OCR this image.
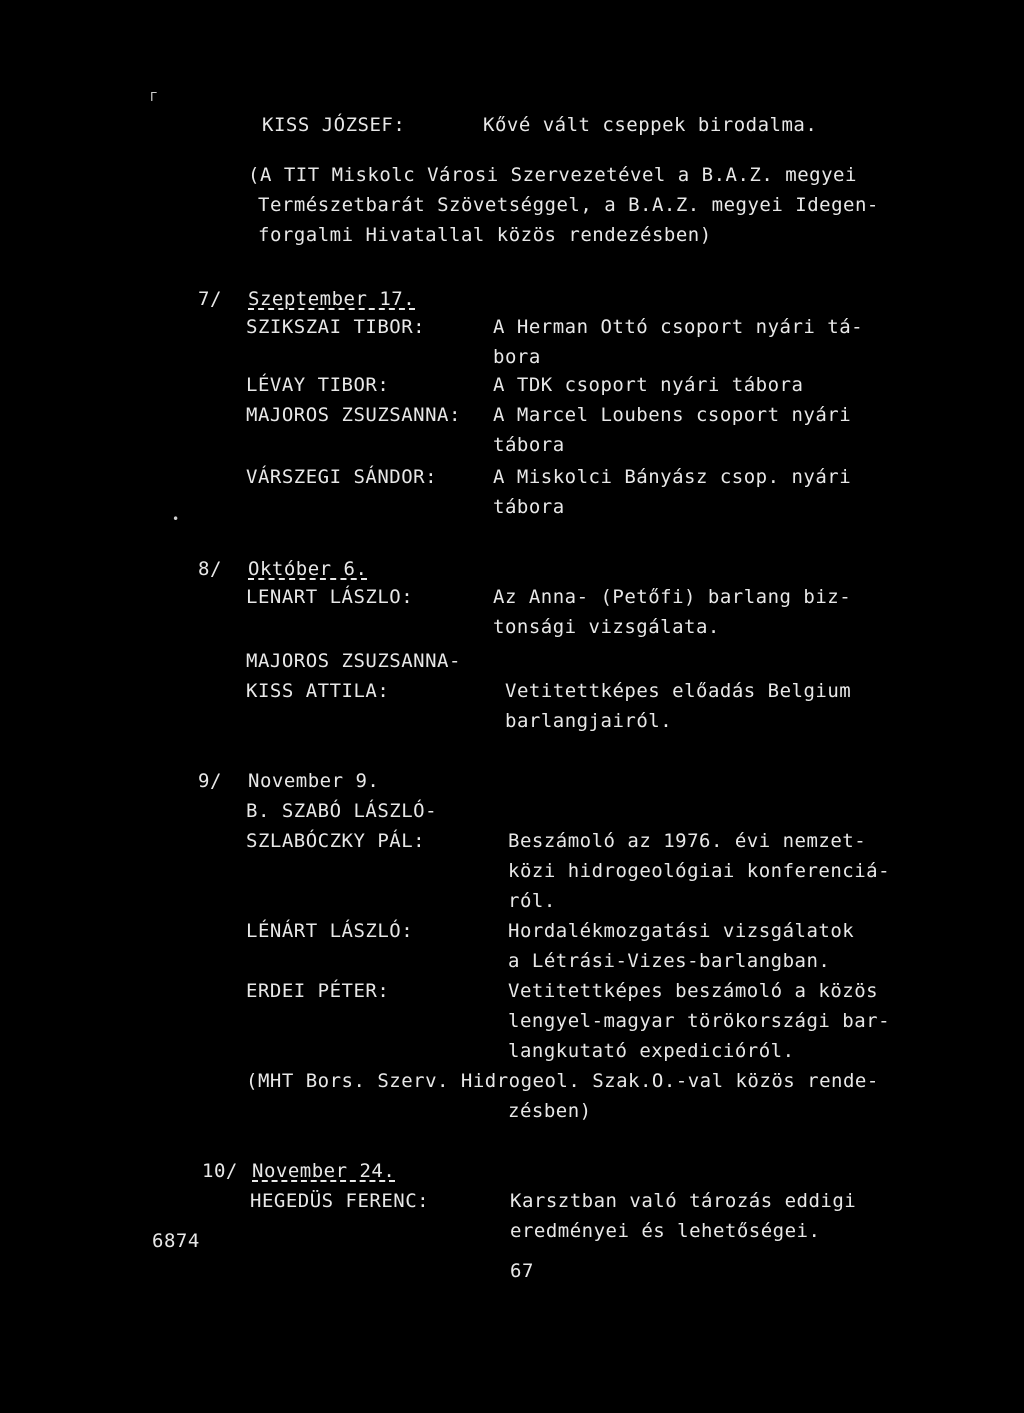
ᒥ
KISS JÓZSEF:	Kővé vált cseppek birodalma.
(A TIT Miskolc Városi Szervezetével a B.A.Z. megyei
Természetbarát Szövetséggel, a B.A.Z. megyei Idegen-
forgalmi Hivatallal közös rendezésben)
7/ Szeptember 17.
SZIKSZAI TIBOR:	A Herman Ottó csoport nyári tá-
bora
LÉVAY TIBOR:	A TDK csoport nyári tábora
MAJOROS ZSUZSANNA: A Marcel Loubens csoport nyári
tábora
VÁRSZEGI SÁNDOR:	A Miskolci Bányász csop. nyári
tábora
•
8/ Október 6.
LENART LÁSZLO:	Az Anna- (Petőfi) barlang biz-
tonsági vizsgálata.
MAJOROS ZSUZSANNA-
KISS ATTILA:	Vetitettképes előadás Belgium
barlangjairól.
9/ November 9.
B. SZABÓ LÁSZLÓ-
SZLABÓCZKY PÁL:	Beszámoló az 1976. évi nemzet-
közi hidrogeológiai konferenciá-
ról.
LÉNÁRT LÁSZLÓ:	Hordalékmozgatási vizsgálatok
a Létrási-Vizes-barlangban.
ERDEI PÉTER:	Vetitettképes beszámoló a közös
lengyel-magyar törökországi bar-
langkutató expedicióról.
(MHT Bors. Szerv. Hidrogeol. Szak.O.-val közös rende-
zésben)
10/ November 24.
HEGEDÜS FERENC:	Karsztban való tározás eddigi
eredményei és lehetőségei.
6874
67
